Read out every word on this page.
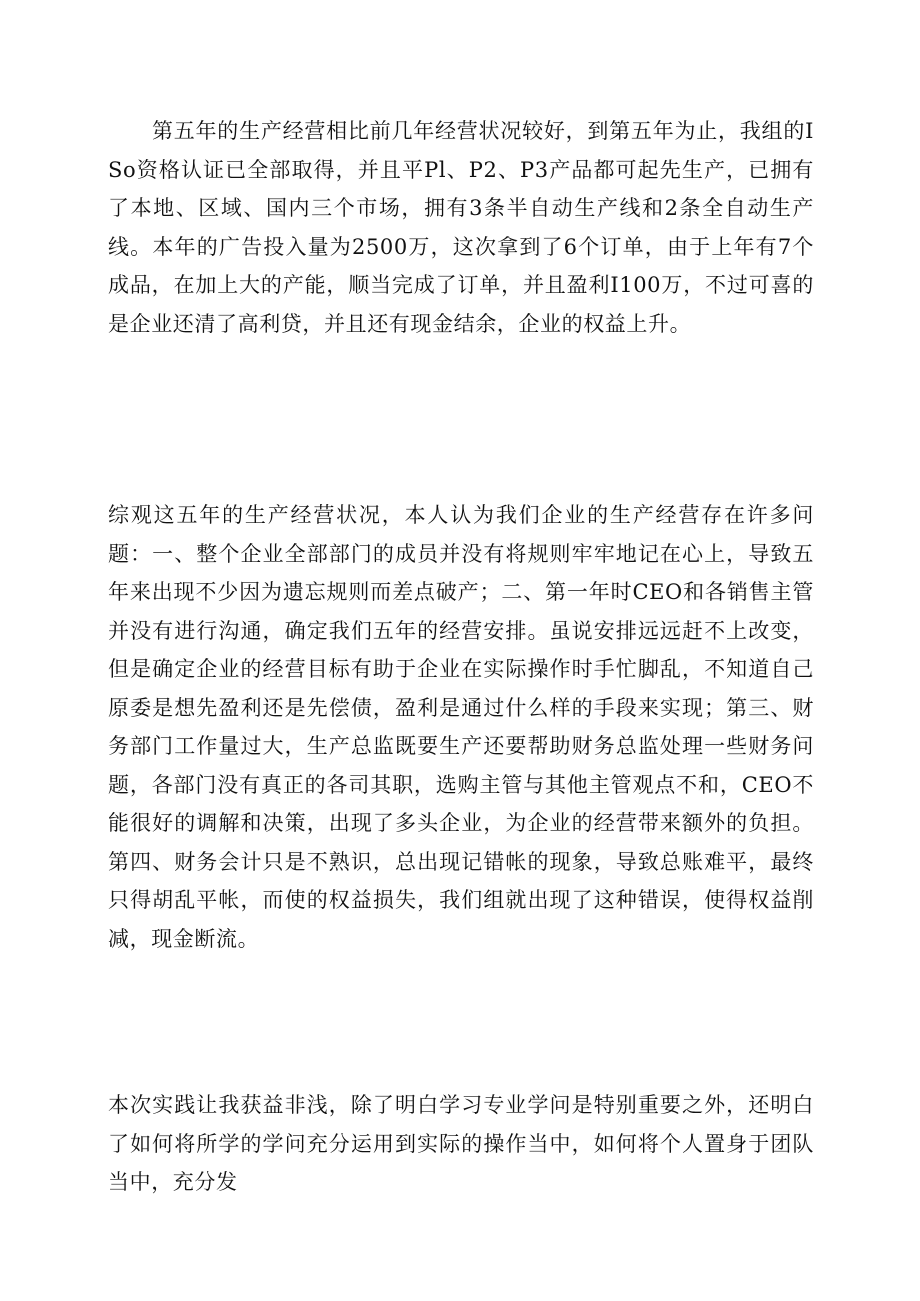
第五年的生产经营相比前几年经营状况较好，到第五年为止，我组的ISo资格认证已全部取得，并且平Pl、P2、P3产品都可起先生产，已拥有了本地、区域、国内三个市场，拥有3条半自动生产线和2条全自动生产线。本年的广告投入量为2500万，这次拿到了6个订单，由于上年有7个成品，在加上大的产能，顺当完成了订单，并且盈利I100万，不过可喜的是企业还清了高利贷，并且还有现金结余，企业的权益上升。

综观这五年的生产经营状况，本人认为我们企业的生产经营存在许多问题：一、整个企业全部部门的成员并没有将规则牢牢地记在心上，导致五年来出现不少因为遗忘规则而差点破产；二、第一年时CEO和各销售主管并没有进行沟通，确定我们五年的经营安排。虽说安排远远赶不上改变，但是确定企业的经营目标有助于企业在实际操作时手忙脚乱，不知道自己原委是想先盈利还是先偿债，盈利是通过什么样的手段来实现；第三、财务部门工作量过大，生产总监既要生产还要帮助财务总监处理一些财务问题，各部门没有真正的各司其职，选购主管与其他主管观点不和，CEO不能很好的调解和决策，出现了多头企业，为企业的经营带来额外的负担。第四、财务会计只是不熟识，总出现记错帐的现象，导致总账难平，最终只得胡乱平帐，而使的权益损失，我们组就出现了这种错误，使得权益削减，现金断流。

本次实践让我获益非浅，除了明白学习专业学问是特别重要之外，还明白了如何将所学的学问充分运用到实际的操作当中，如何将个人置身于团队当中，充分发
